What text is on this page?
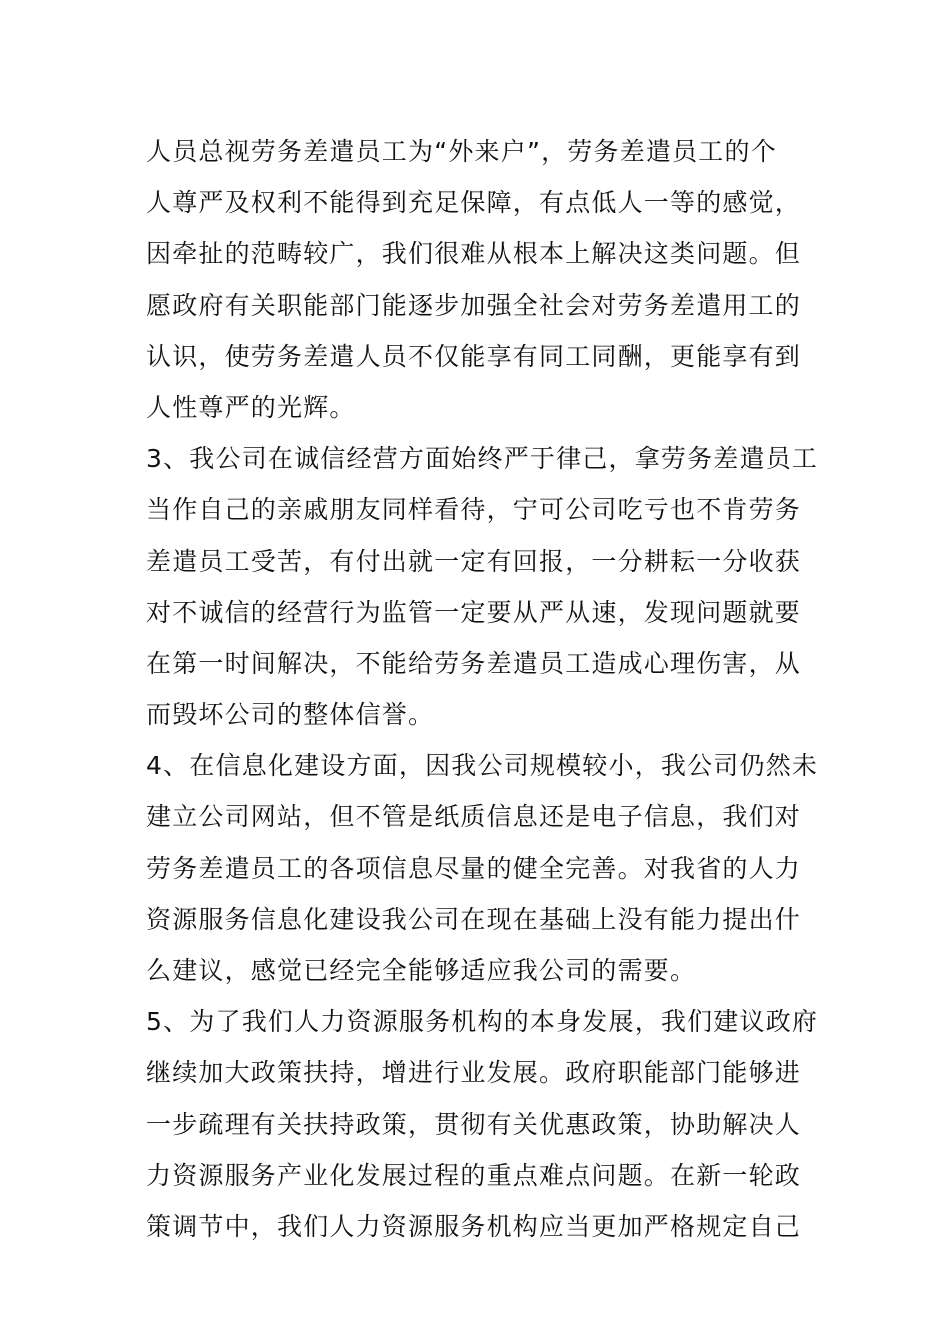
人员总视劳务差遣员工为“外来户”，劳务差遣员工的个
人尊严及权利不能得到充足保障，有点低人一等的感觉，
因牵扯的范畴较广，我们很难从根本上解决这类问题。但
愿政府有关职能部门能逐步加强全社会对劳务差遣用工的
认识，使劳务差遣人员不仅能享有同工同酬，更能享有到
人性尊严的光辉。
3、我公司在诚信经营方面始终严于律己，拿劳务差遣员工
当作自己的亲戚朋友同样看待，宁可公司吃亏也不肯劳务
差遣员工受苦，有付出就一定有回报，一分耕耘一分收获
对不诚信的经营行为监管一定要从严从速，发现问题就要
在第一时间解决，不能给劳务差遣员工造成心理伤害，从
而毁坏公司的整体信誉。
4、在信息化建设方面，因我公司规模较小，我公司仍然未
建立公司网站，但不管是纸质信息还是电子信息，我们对
劳务差遣员工的各项信息尽量的健全完善。对我省的人力
资源服务信息化建设我公司在现在基础上没有能力提出什
么建议，感觉已经完全能够适应我公司的需要。
5、为了我们人力资源服务机构的本身发展，我们建议政府
继续加大政策扶持，增进行业发展。政府职能部门能够进
一步疏理有关扶持政策，贯彻有关优惠政策，协助解决人
力资源服务产业化发展过程的重点难点问题。在新一轮政
策调节中，我们人力资源服务机构应当更加严格规定自己
